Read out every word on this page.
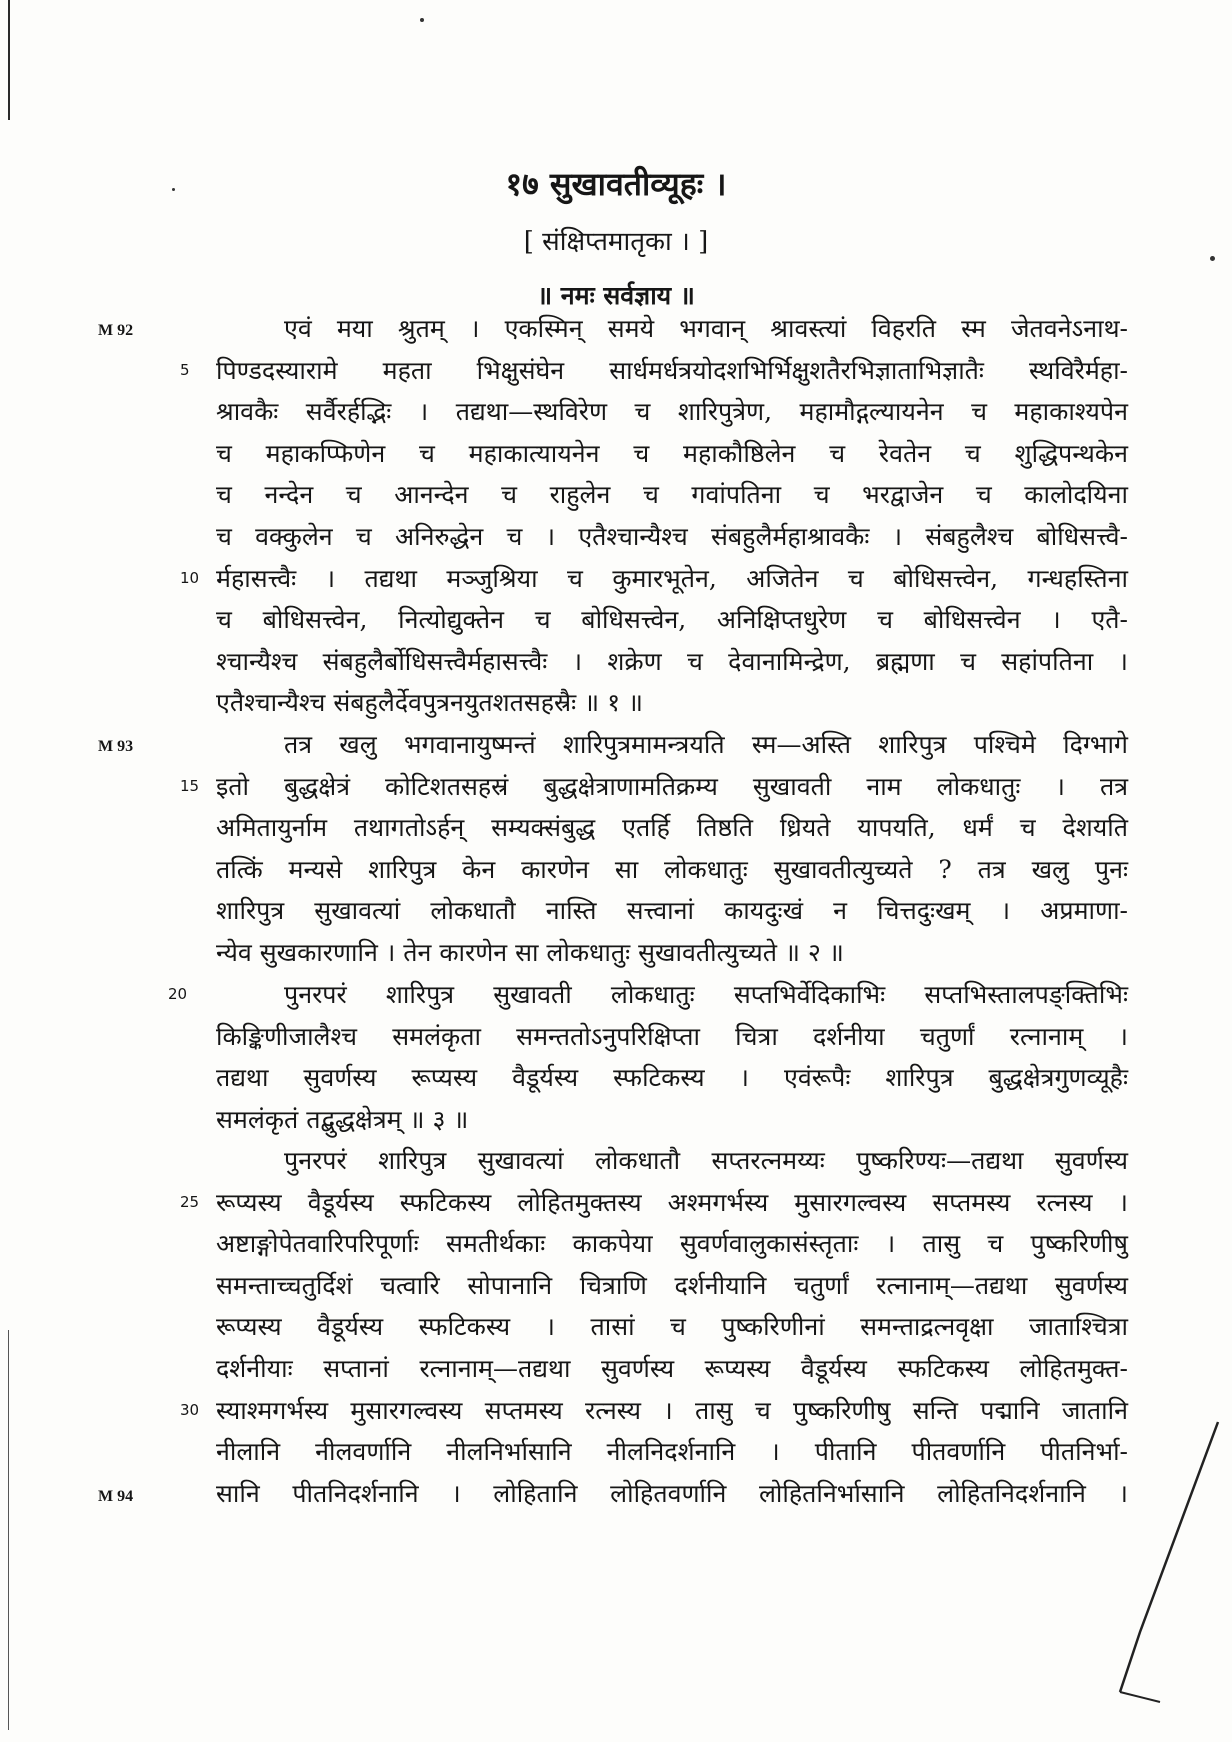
१७ सुखावतीव्यूहः ।
[ संक्षिप्तमातृका । ]
॥ नमः सर्वज्ञाय ॥
M 92
M 93
M 94
एवं मया श्रुतम् । एकस्मिन् समये भगवान् श्रावस्त्यां विहरति स्म जेतवनेऽनाथ-
5	पिण्डदस्यारामे महता भिक्षुसंघेन सार्धमर्धत्रयोदशभिर्भिक्षुशतैरभिज्ञाताभिज्ञातैः स्थविरैर्महा-
श्रावकैः सर्वैरर्हद्भिः । तद्यथा—स्थविरेण च शारिपुत्रेण, महामौद्गल्यायनेन च महाकाश्यपेन
च महाकप्फिणेन च महाकात्यायनेन च महाकौष्ठिलेन च रेवतेन च शुद्धिपन्थकेन
च नन्देन च आनन्देन च राहुलेन च गवांपतिना च भरद्वाजेन च कालोदयिना
च वक्कुलेन च अनिरुद्धेन च । एतैश्चान्यैश्च संबहुलैर्महाश्रावकैः । संबहुलैश्च बोधिसत्त्वै-
10 र्महासत्त्वैः । तद्यथा मञ्जुश्रिया च कुमारभूतेन, अजितेन च बोधिसत्त्वेन, गन्धहस्तिना
च बोधिसत्त्वेन, नित्योद्युक्तेन च बोधिसत्त्वेन, अनिक्षिप्तधुरेण च बोधिसत्त्वेन । एतै-
श्चान्यैश्च संबहुलैर्बोधिसत्त्वैर्महासत्त्वैः । शक्रेण च देवानामिन्द्रेण, ब्रह्मणा च सहांपतिना ।
एतैश्चान्यैश्च संबहुलैर्देवपुत्रनयुतशतसहस्रैः ॥ १ ॥
तत्र खलु भगवानायुष्मन्तं शारिपुत्रमामन्त्रयति स्म—अस्ति शारिपुत्र पश्चिमे दिग्भागे
15 इतो बुद्धक्षेत्रं कोटिशतसहस्रं बुद्धक्षेत्राणामतिक्रम्य सुखावती नाम लोकधातुः । तत्र
अमितायुर्नाम तथागतोऽर्हन् सम्यक्संबुद्ध एतर्हि तिष्ठति ध्रियते यापयति, धर्मं च देशयति
तत्किं मन्यसे शारिपुत्र केन कारणेन सा लोकधातुः सुखावतीत्युच्यते ? तत्र खलु पुनः
शारिपुत्र सुखावत्यां लोकधातौ नास्ति सत्त्वानां कायदुःखं न चित्तदुःखम् । अप्रमाणा-
न्येव सुखकारणानि । तेन कारणेन सा लोकधातुः सुखावतीत्युच्यते ॥ २ ॥
20	पुनरपरं शारिपुत्र सुखावती लोकधातुः सप्तभिर्वेदिकाभिः सप्तभिस्तालपङ्क्तिभिः
किङ्किणीजालैश्च समलंकृता समन्ततोऽनुपरिक्षिप्ता चित्रा दर्शनीया चतुर्णां रत्नानाम् ।
तद्यथा सुवर्णस्य रूप्यस्य वैडूर्यस्य स्फटिकस्य । एवंरूपैः शारिपुत्र बुद्धक्षेत्रगुणव्यूहैः
समलंकृतं तद्बुद्धक्षेत्रम् ॥ ३ ॥
पुनरपरं शारिपुत्र सुखावत्यां लोकधातौ सप्तरत्नमय्यः पुष्करिण्यः—तद्यथा सुवर्णस्य
25 रूप्यस्य वैडूर्यस्य स्फटिकस्य लोहितमुक्तस्य अश्मगर्भस्य मुसारगल्वस्य सप्तमस्य रत्नस्य ।
अष्टाङ्गोपेतवारिपरिपूर्णाः समतीर्थकाः काकपेया सुवर्णवालुकासंस्तृताः । तासु च पुष्करिणीषु
समन्ताच्चतुर्दिशं चत्वारि सोपानानि चित्राणि दर्शनीयानि चतुर्णां रत्नानाम्—तद्यथा सुवर्णस्य
रूप्यस्य वैडूर्यस्य स्फटिकस्य । तासां च पुष्करिणीनां समन्ताद्रत्नवृक्षा जाताश्चित्रा
दर्शनीयाः सप्तानां रत्नानाम्—तद्यथा सुवर्णस्य रूप्यस्य वैडूर्यस्य स्फटिकस्य लोहितमुक्त-
30 स्याश्मगर्भस्य मुसारगल्वस्य सप्तमस्य रत्नस्य । तासु च पुष्करिणीषु सन्ति पद्मानि जातानि
नीलानि नीलवर्णानि नीलनिर्भासानि नीलनिदर्शनानि । पीतानि पीतवर्णानि पीतनिर्भा-
सानि पीतनिदर्शनानि । लोहितानि लोहितवर्णानि लोहितनिर्भासानि लोहितनिदर्शनानि ।
